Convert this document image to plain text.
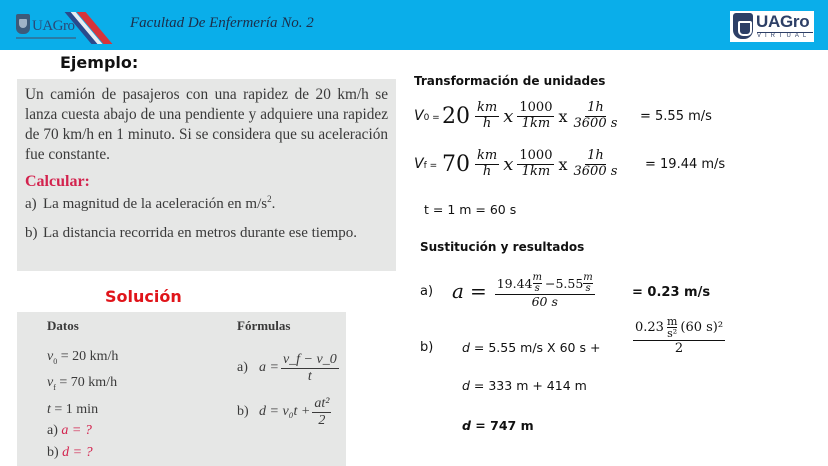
UAGro	Facultad De Enfermería No. 2	UAGro
VIRTUAL
Ejemplo:

Un camión de pasajeros con una rapidez de 20 km/h se lanza cuesta abajo de una pendiente y adquiere una rapidez de 70 km/h en 1 minuto. Si se considera que su aceleración fue constante.

Calcular:
a) La magnitud de la aceleración en $m/s^2$.
b) La distancia recorrida en metros durante ese tiempo.
Solución
Datos
$v_0 = 20$ km/h
$v_f = 70$ km/h
t = 1 min
a) a = ?
b) d = ?
Fórmulas
a) $a = \frac{v\_f - v\_0}{t}$
b) $d = v_0t + \frac{\text{at²}}{2}$
Transformación de unidades
$V0 = 20 \frac{km}{h}$ x $\frac{1000}{1km}$ x $\frac{1h}{3600 s} = 5.55$ m/s
$Vf = 70 \frac{km}{h}$ x $\frac{1000}{1km}$ x $\frac{1h}{3600 s} = 19.44$ m/s
t = 1 m = 60 s
Sustitución y resultados
a) $a = \frac{19.44 \frac{m}{s} -5.55 \frac{m}{s}}{60 s}$	= 0.23 m/s
b) d = 5.55 m/s X 60 s +	$\frac{0.23 \frac{m}{\text{s²}} (60 s)^2}{2}$
d = 333 m + 414 m
d = 747 m
